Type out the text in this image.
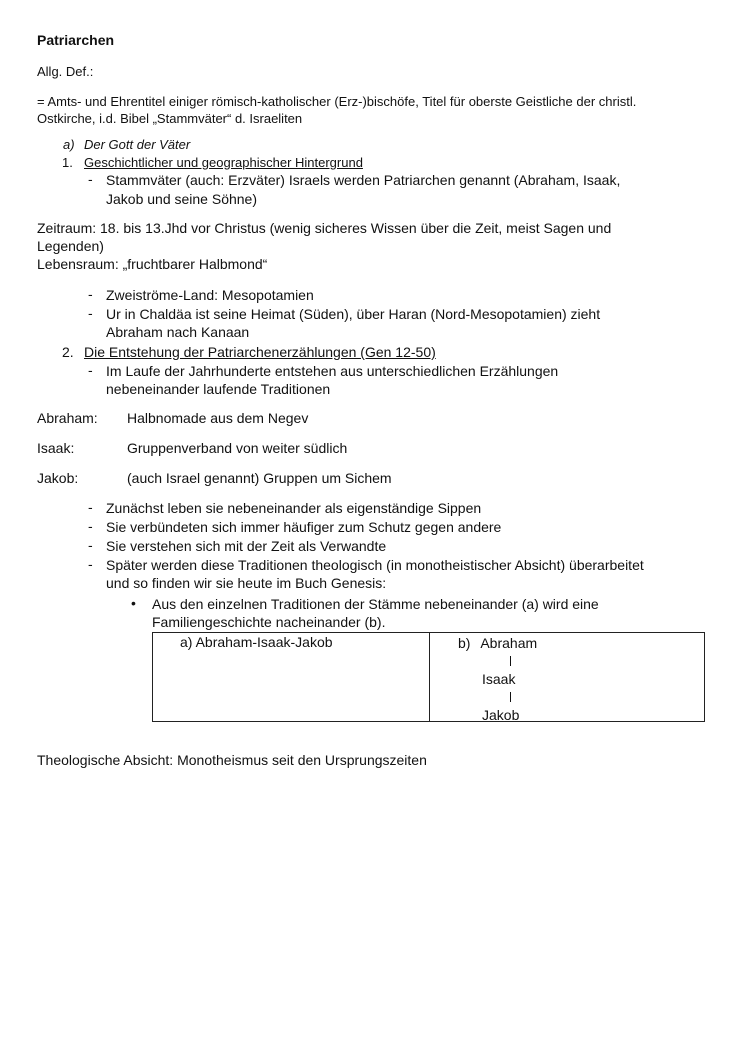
Patriarchen
Allg. Def.:
= Amts- und Ehrentitel einiger römisch-katholischer (Erz-)bischöfe, Titel für oberste Geistliche der christl.
Ostkirche, i.d. Bibel „Stammväter“ d. Israeliten
a) Der Gott der Väter
1. Geschichtlicher und geographischer Hintergrund
- Stammväter (auch: Erzväter) Israels werden Patriarchen genannt (Abraham, Isaak,
Jakob und seine Söhne)
Zeitraum: 18. bis 13.Jhd vor Christus (wenig sicheres Wissen über die Zeit, meist Sagen und
Legenden)
Lebensraum: „fruchtbarer Halbmond“
- Zweiströme-Land: Mesopotamien
- Ur in Chaldäa ist seine Heimat (Süden), über Haran (Nord-Mesopotamien) zieht
Abraham nach Kanaan
2. Die Entstehung der Patriarchenerzählungen (Gen 12-50)
- Im Laufe der Jahrhunderte entstehen aus unterschiedlichen Erzählungen
nebeneinander laufende Traditionen
Abraham: Halbnomade aus dem Negev
Isaak:	Gruppenverband von weiter südlich
Jakob:	(auch Israel genannt) Gruppen um Sichem
- Zunächst leben sie nebeneinander als eigenständige Sippen
- Sie verbündeten sich immer häufiger zum Schutz gegen andere
- Sie verstehen sich mit der Zeit als Verwandte
- Später werden diese Traditionen theologisch (in monotheistischer Absicht) überarbeitet
und so finden wir sie heute im Buch Genesis:
• Aus den einzelnen Traditionen der Stämme nebeneinander (a) wird eine
Familiengeschichte nacheinander (b).
a) Abraham-Isaak-Jakob	b) Abraham
Isaak
Jakob
Theologische Absicht: Monotheismus seit den Ursprungszeiten
